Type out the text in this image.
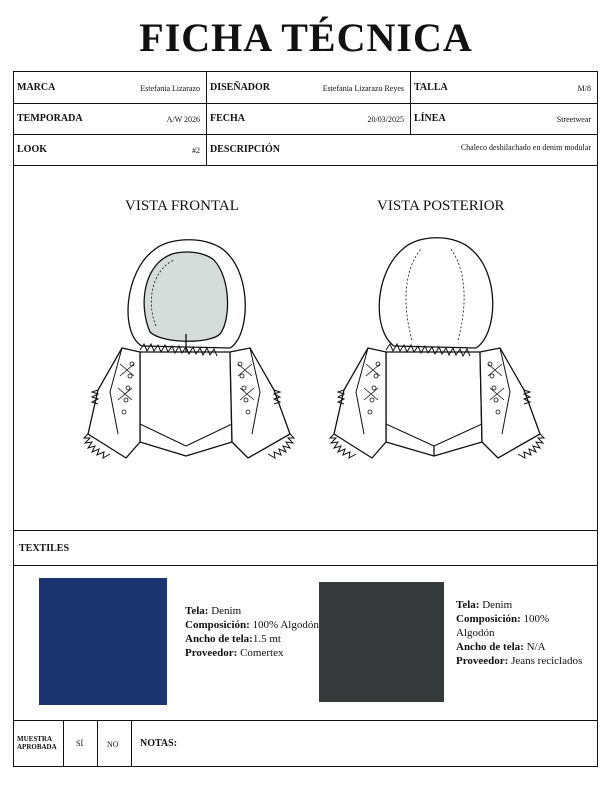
FICHA TÉCNICA
MARCA	Estefania Lizarazo DISEÑADOR	Estefania Lizarazo Reyes TALLA	M/8
TEMPORADA	A/W 2026 FECHA	20/03/2025 LÍNEA	Streetwear
LOOK	#2 DESCRIPCIÓN	Chaleco deshilachado en denim modular
VISTA FRONTAL	VISTA POSTERIOR
TEXTILES
Tela: Denim
Composición: 100% Algodón
Ancho de tela:1.5 mt
Proveedor: Comertex
Tela: Denim
Composición: 100% Algodón
Ancho de tela: N/A
Proveedor: Jeans reciclados
MUESTRA APROBADA	SÍ	NO NOTAS:
